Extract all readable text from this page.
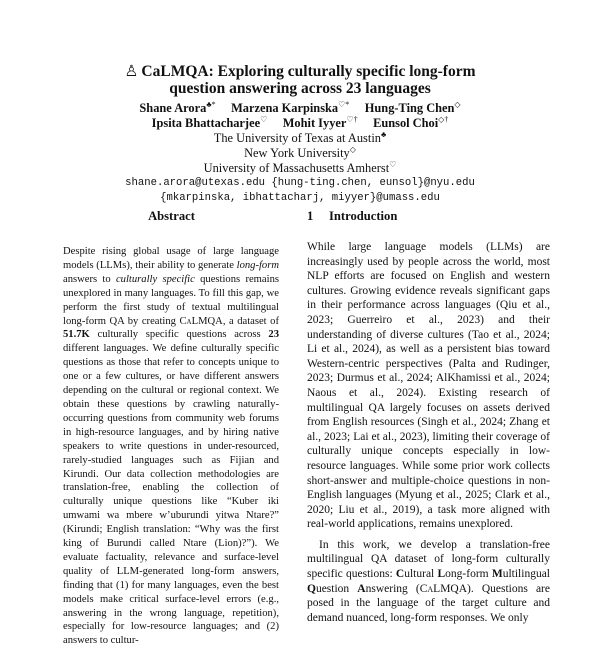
♙ CaLMQA: Exploring culturally specific long-form
question answering across 23 languages
Shane Arora♣* Marzena Karpinska♡* Hung-Ting Chen◇
Ipsita Bhattacharjee♡ Mohit Iyyer♡† Eunsol Choi◇†
The University of Texas at Austin♣
New York University◇
University of Massachusetts Amherst♡
shane.arora@utexas.edu {hung-ting.chen, eunsol}@nyu.edu
{mkarpinska, ibhattacharj, miyyer}@umass.edu
Abstract

Despite rising global usage of large language models (LLMs), their ability to generate long-form answers to culturally specific questions remains unexplored in many languages. To fill this gap, we perform the first study of textual multilingual long-form QA by creating CaLMQA, a dataset of 51.7K culturally specific questions across 23 different languages. We define culturally specific questions as those that refer to concepts unique to one or a few cultures, or have different answers depending on the cultural or regional context. We obtain these questions by crawling naturally-occurring questions from community web forums in high-resource languages, and by hiring native speakers to write questions in under-resourced, rarely-studied languages such as Fijian and Kirundi. Our data collection methodologies are translation-free, enabling the collection of culturally unique questions like “Kuber iki umwami wa mbere w’uburundi yitwa Ntare?” (Kirundi; English translation: “Why was the first king of Burundi called Ntare (Lion)?”). We evaluate factuality, relevance and surface-level quality of LLM-generated long-form answers, finding that (1) for many languages, even the best models make critical surface-level errors (e.g., answering in the wrong language, repetition), especially for low-resource languages; and (2) answers to cultur-

1 Introduction

While large language models (LLMs) are increasingly used by people across the world, most NLP efforts are focused on English and western cultures. Growing evidence reveals significant gaps in their performance across languages (Qiu et al., 2023; Guerreiro et al., 2023) and their understanding of diverse cultures (Tao et al., 2024; Li et al., 2024), as well as a persistent bias toward Western-centric perspectives (Palta and Rudinger, 2023; Durmus et al., 2024; AlKhamissi et al., 2024; Naous et al., 2024). Existing research of multilingual QA largely focuses on assets derived from English resources (Singh et al., 2024; Zhang et al., 2023; Lai et al., 2023), limiting their coverage of culturally unique concepts especially in low-resource languages. While some prior work collects short-answer and multiple-choice questions in non-English languages (Myung et al., 2025; Clark et al., 2020; Liu et al., 2019), a task more aligned with real-world applications, remains unexplored.

In this work, we develop a translation-free multilingual QA dataset of long-form culturally specific questions: Cultural Long-form Multilingual Question Answering (CaLMQA). Questions are posed in the language of the target culture and demand nuanced, long-form responses. We only
